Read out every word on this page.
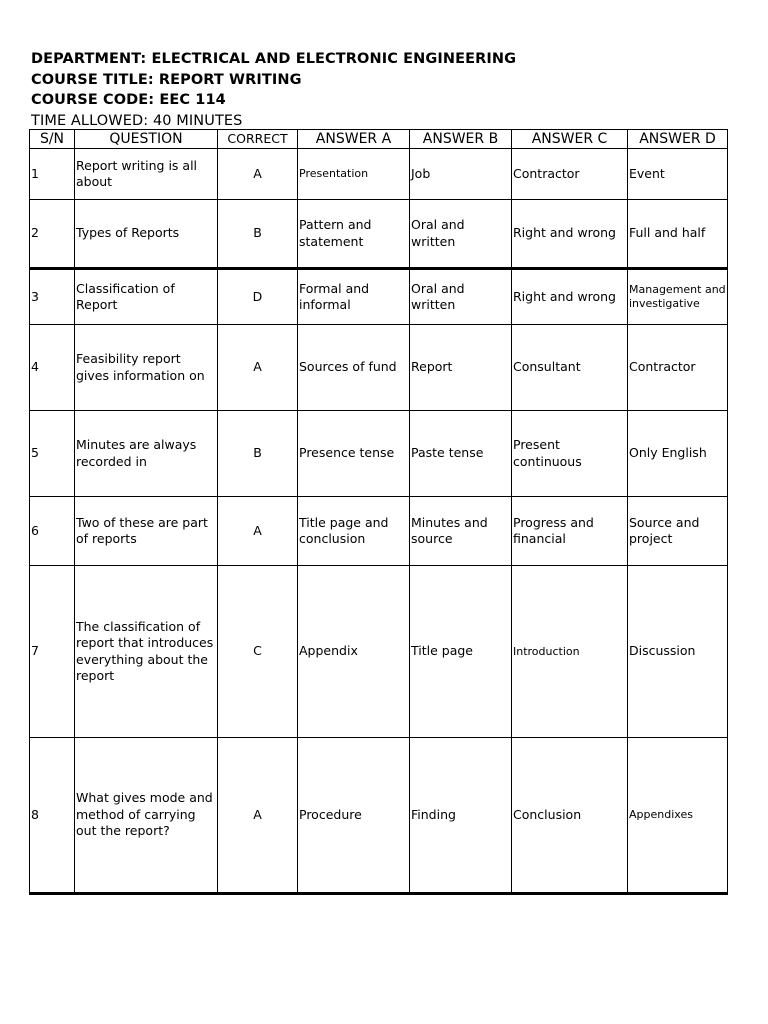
DEPARTMENT: ELECTRICAL AND ELECTRONIC ENGINEERING
COURSE TITLE: REPORT WRITING
COURSE CODE: EEC 114
TIME ALLOWED: 40 MINUTES
S/N	QUESTION	CORRECT	ANSWER A	ANSWER B	ANSWER C	ANSWER D
1	Report writing is all about	A	Presentation	Job	Contractor	Event
2	Types of Reports	B	Pattern and statement	Oral and written	Right and wrong	Full and half
3	Classification of Report	D	Formal and informal	Oral and written	Right and wrong	Management and investigative
4	Feasibility report gives information on	A	Sources of fund	Report	Consultant	Contractor
5	Minutes are always recorded in	B	Presence tense	Paste tense	Present continuous	Only English
6	Two of these are part of reports	A	Title page and conclusion	Minutes and source	Progress and financial	Source and project
7	The classification of report that introduces everything about the report	C	Appendix	Title page	Introduction	Discussion
8	What gives mode and method of carrying out the report?	A	Procedure	Finding	Conclusion	Appendixes
